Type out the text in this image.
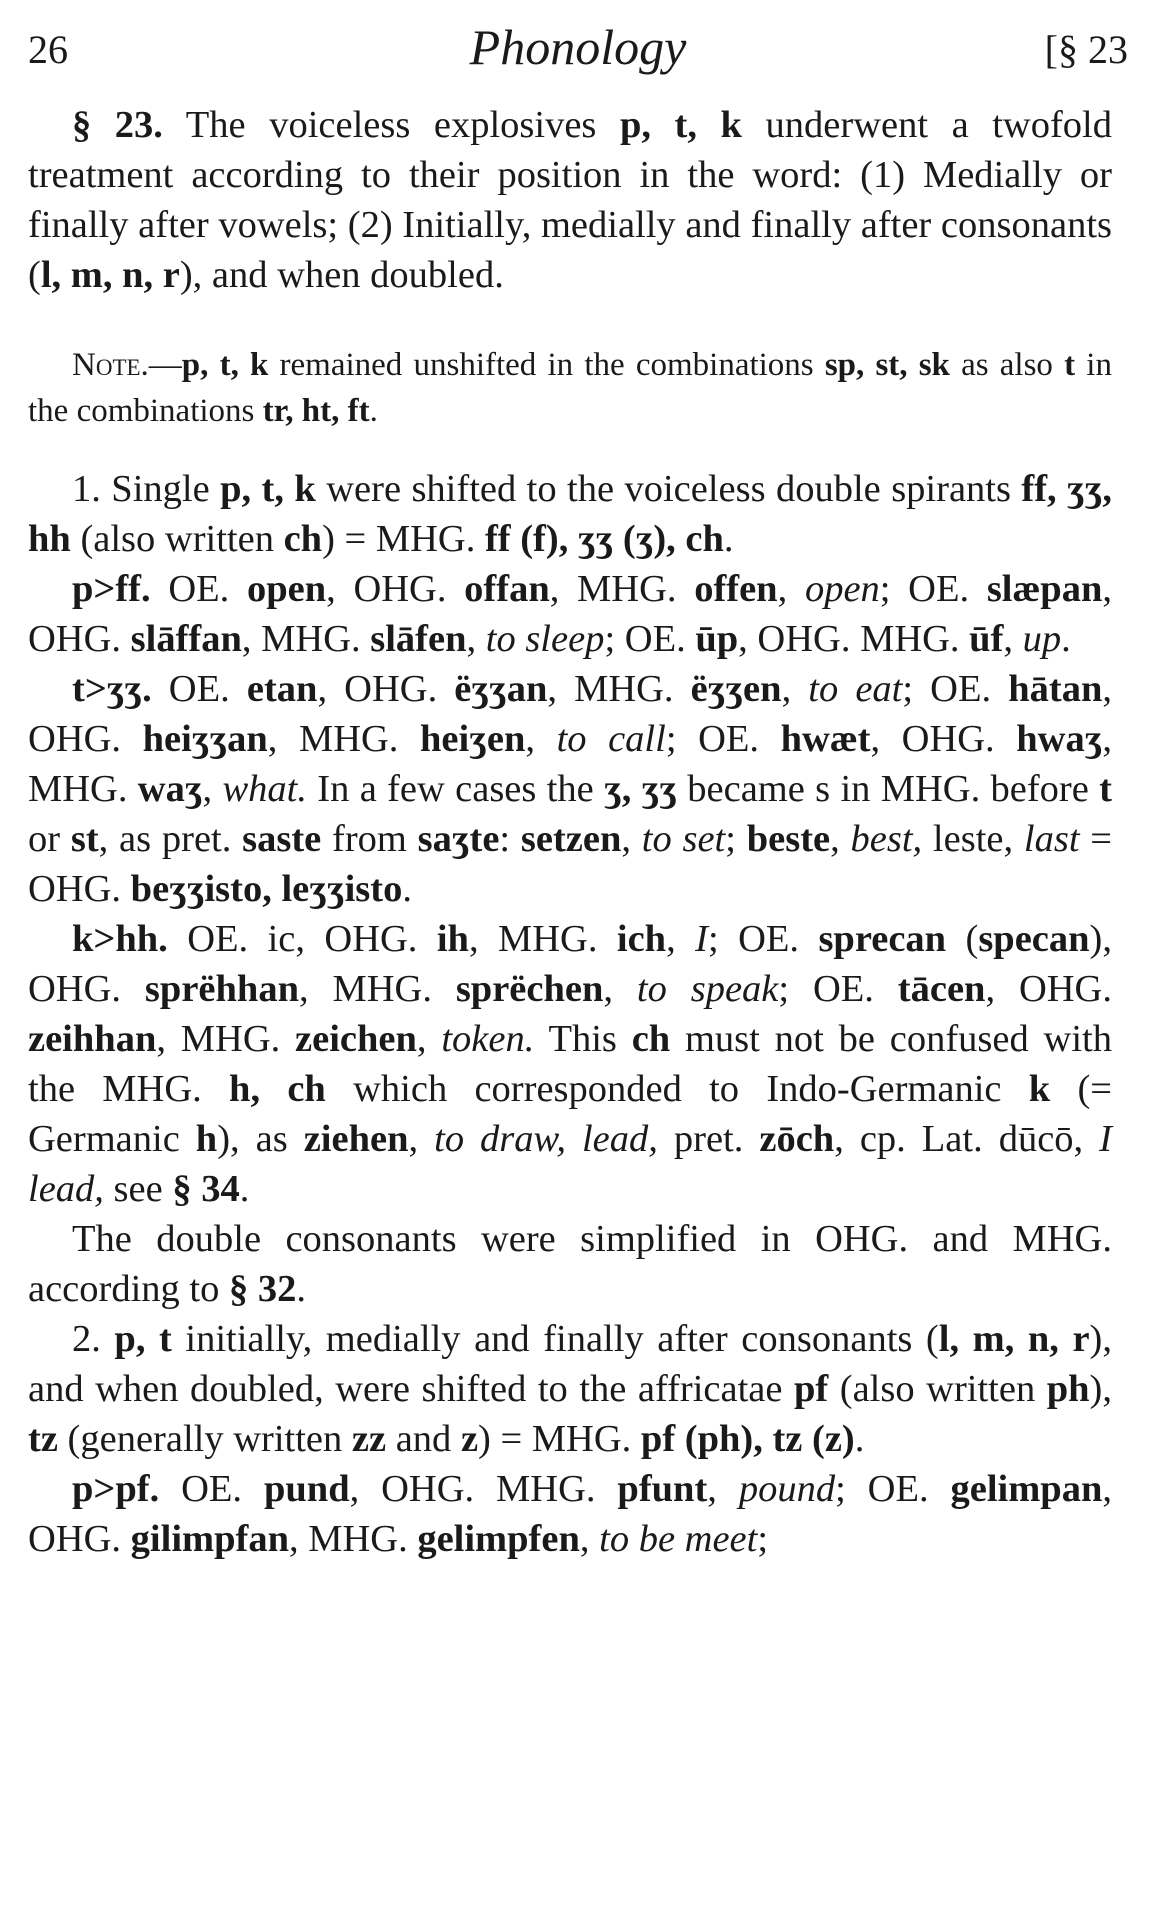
26	Phonology	[§ 23

§ 23. The voiceless explosives p, t, k underwent a twofold treatment according to their position in the word: (1) Medially or finally after vowels; (2) Initially, medially and finally after consonants (l, m, n, r), and when doubled.

Note.—p, t, k remained unshifted in the combinations sp, st, sk as also t in the combinations tr, ht, ft.

1. Single p, t, k were shifted to the voiceless double spirants ff, ʒʒ, hh (also written ch) = MHG. ff (f), ʒʒ (ʒ), ch.

p>ff. OE. open, OHG. offan, MHG. offen, open; OE. slæpan, OHG. slāffan, MHG. slāfen, to sleep; OE. ūp, OHG. MHG. ūf, up.

t>ʒʒ. OE. etan, OHG. ëʒʒan, MHG. ëʒʒen, to eat; OE. hātan, OHG. heiʒʒan, MHG. heiʒen, to call; OE. hwæt, OHG. hwaʒ, MHG. waʒ, what. In a few cases the ʒ, ʒʒ became s in MHG. before t or st, as pret. saste from saʒte: setzen, to set; beste, best, leste, last = OHG. beʒʒisto, leʒʒisto.

k>hh. OE. ic, OHG. ih, MHG. ich, I; OE. sprecan (specan), OHG. sprëhhan, MHG. sprëchen, to speak; OE. tācen, OHG. zeihhan, MHG. zeichen, token. This ch must not be confused with the MHG. h, ch which corresponded to Indo-Germanic k (= Germanic h), as ziehen, to draw, lead, pret. zōch, cp. Lat. dūcō, I lead, see § 34.

The double consonants were simplified in OHG. and MHG. according to § 32.

2. p, t initially, medially and finally after consonants (l, m, n, r), and when doubled, were shifted to the affricatae pf (also written ph), tz (generally written zz and z) = MHG. pf (ph), tz (z).

p>pf. OE. pund, OHG. MHG. pfunt, pound; OE. gelimpan, OHG. gilimpfan, MHG. gelimpfen, to be meet;
